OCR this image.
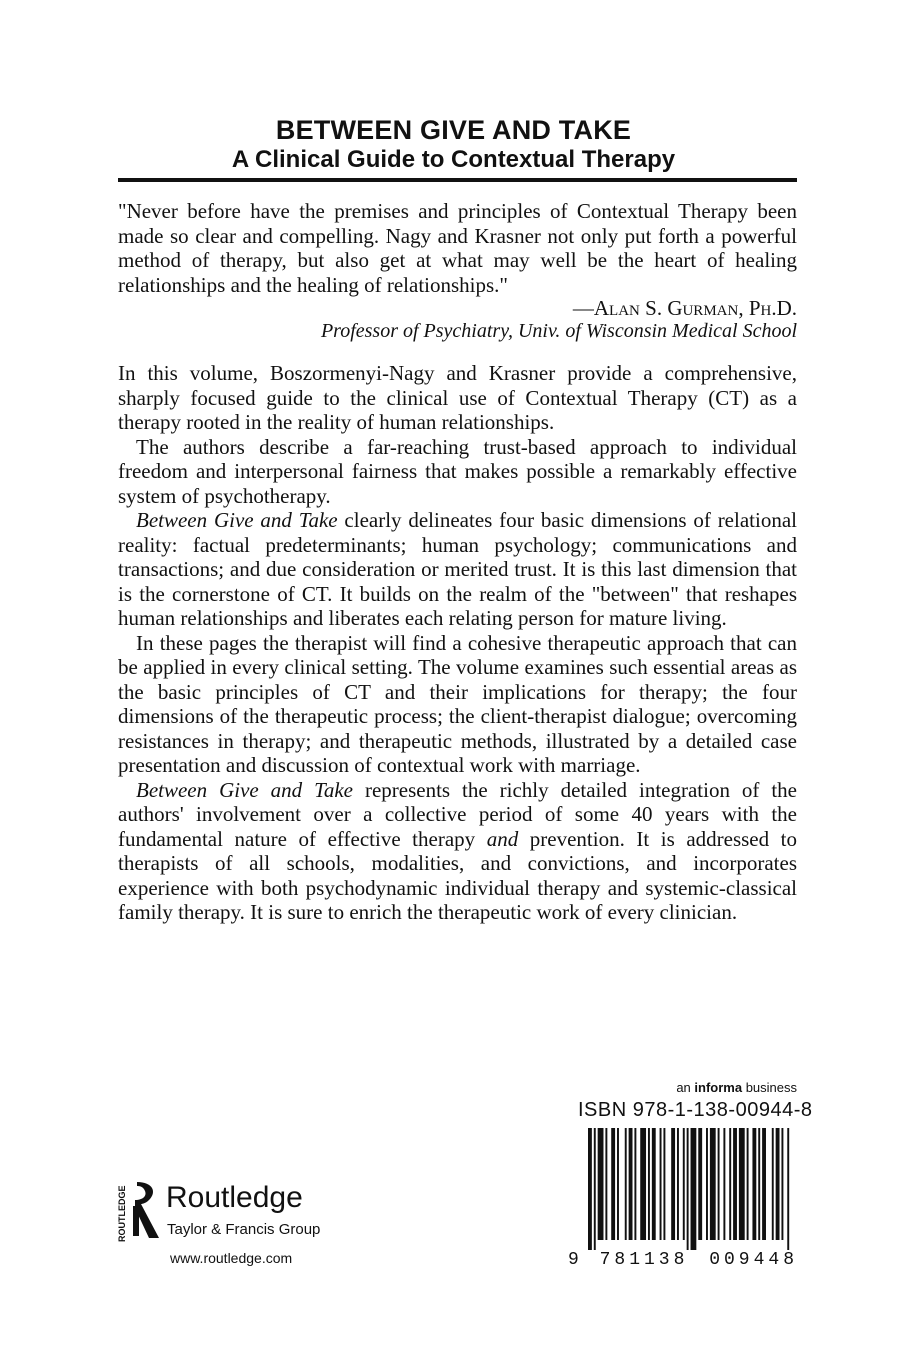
BETWEEN GIVE AND TAKE
A Clinical Guide to Contextual Therapy
"Never before have the premises and principles of Contextual Therapy been made so clear and compelling. Nagy and Krasner not only put forth a powerful method of therapy, but also get at what may well be the heart of healing relationships and the healing of relationships."
—Alan S. Gurman, Ph.D.
Professor of Psychiatry, Univ. of Wisconsin Medical School

In this volume, Boszormenyi-Nagy and Krasner provide a comprehensive, sharply focused guide to the clinical use of Contextual Therapy (CT) as a therapy rooted in the reality of human relationships.

The authors describe a far-reaching trust-based approach to individual freedom and interpersonal fairness that makes possible a remarkably effective system of psychotherapy.

Between Give and Take clearly delineates four basic dimensions of relational reality: factual predeterminants; human psychology; communications and transactions; and due consideration or merited trust. It is this last dimension that is the cornerstone of CT. It builds on the realm of the "between" that reshapes human relationships and liberates each relating person for mature living.

In these pages the therapist will find a cohesive therapeutic approach that can be applied in every clinical setting. The volume examines such essential areas as the basic principles of CT and their implications for therapy; the four dimensions of the therapeutic process; the client-therapist dialogue; overcoming resistances in therapy; and therapeutic methods, illustrated by a detailed case presentation and discussion of contextual work with marriage.

Between Give and Take represents the richly detailed integration of the authors' involvement over a collective period of some 40 years with the fundamental nature of effective therapy and prevention. It is addressed to therapists of all schools, modalities, and convictions, and incorporates experience with both psychodynamic individual therapy and systemic-classical family therapy. It is sure to enrich the therapeutic work of every clinician.

an informa business
ISBN 978-1-138-00944-8
9 781138 009448
ROUTLEDGE Routledge
Taylor & Francis Group
www.routledge.com
